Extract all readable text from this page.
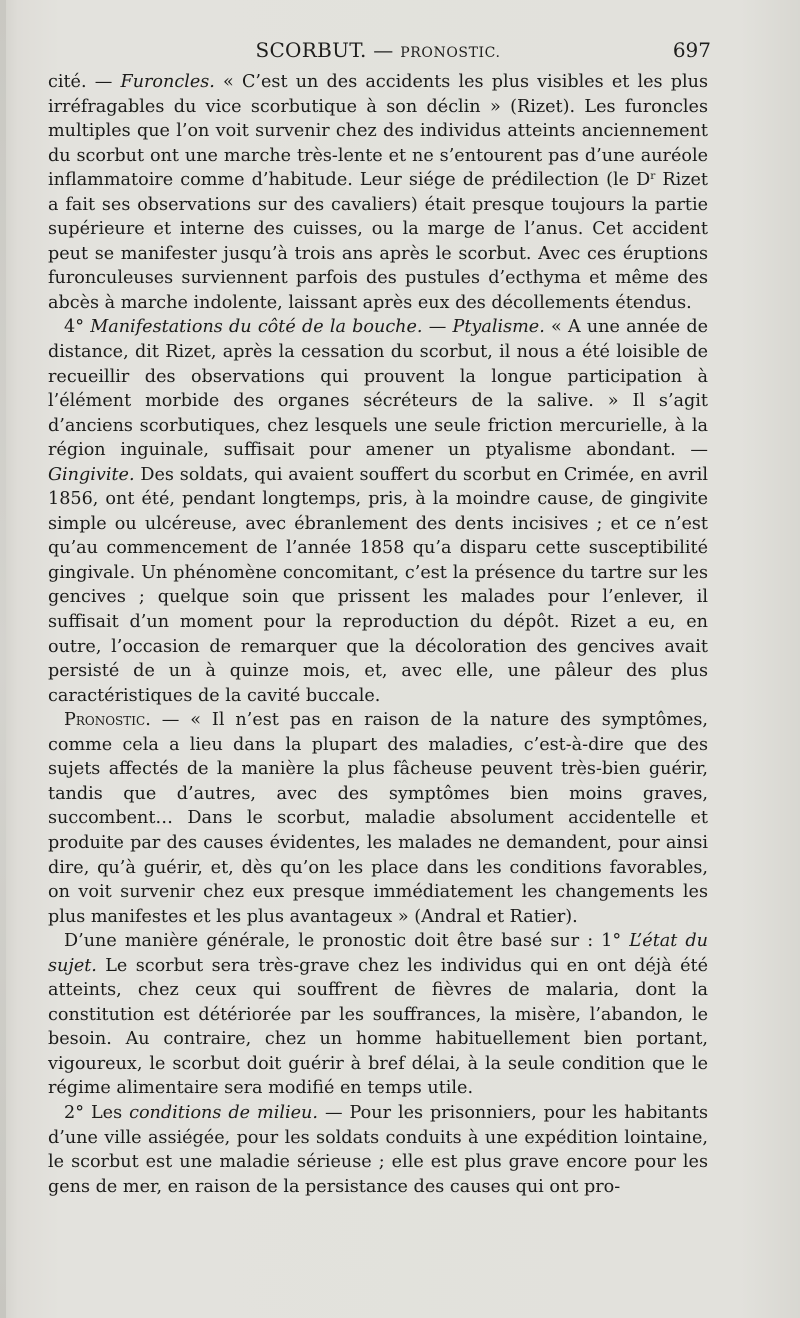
SCORBUT. — PRONOSTIC.	697

cité. — Furoncles. « C’est un des accidents les plus visibles et les plus irréfragables du vice scorbutique à son déclin » (Rizet). Les furoncles multiples que l’on voit survenir chez des individus atteints anciennement du scorbut ont une marche très-lente et ne s’entourent pas d’une auréole inflammatoire comme d’habitude. Leur siége de prédilection (le $D^r$ Rizet a fait ses observations sur des cavaliers) était presque toujours la partie supérieure et interne des cuisses, ou la marge de l’anus. Cet accident peut se manifester jusqu’à trois ans après le scorbut. Avec ces éruptions furonculeuses surviennent parfois des pustules d’ecthyma et même des abcès à marche indolente, laissant après eux des décollements étendus.

4° Manifestations du côté de la bouche. — Ptyalisme. « A une année de distance, dit Rizet, après la cessation du scorbut, il nous a été loisible de recueillir des observations qui prouvent la longue participation à l’élément morbide des organes sécréteurs de la salive. » Il s’agit d’anciens scorbutiques, chez lesquels une seule friction mercurielle, à la région inguinale, suffisait pour amener un ptyalisme abondant. — Gingivite. Des soldats, qui avaient souffert du scorbut en Crimée, en avril 1856, ont été, pendant longtemps, pris, à la moindre cause, de gingivite simple ou ulcéreuse, avec ébranlement des dents incisives ; et ce n’est qu’au commencement de l’année 1858 qu’a disparu cette susceptibilité gingivale. Un phénomène concomitant, c’est la présence du tartre sur les gencives ; quelque soin que prissent les malades pour l’enlever, il suffisait d’un moment pour la reproduction du dépôt. Rizet a eu, en outre, l’occasion de remarquer que la décoloration des gencives avait persisté de un à quinze mois, et, avec elle, une pâleur des plus caractéristiques de la cavité buccale.

Pronostic. — « Il n’est pas en raison de la nature des symptômes, comme cela a lieu dans la plupart des maladies, c’est-à-dire que des sujets affectés de la manière la plus fâcheuse peuvent très-bien guérir, tandis que d’autres, avec des symptômes bien moins graves, succombent… Dans le scorbut, maladie absolument accidentelle et produite par des causes évidentes, les malades ne demandent, pour ainsi dire, qu’à guérir, et, dès qu’on les place dans les conditions favorables, on voit survenir chez eux presque immédiatement les changements les plus manifestes et les plus avantageux » (Andral et Ratier).

D’une manière générale, le pronostic doit être basé sur : 1° L’état du sujet. Le scorbut sera très-grave chez les individus qui en ont déjà été atteints, chez ceux qui souffrent de fièvres de malaria, dont la constitution est détériorée par les souffrances, la misère, l’abandon, le besoin. Au contraire, chez un homme habituellement bien portant, vigoureux, le scorbut doit guérir à bref délai, à la seule condition que le régime alimentaire sera modifié en temps utile.

2° Les conditions de milieu. — Pour les prisonniers, pour les habitants d’une ville assiégée, pour les soldats conduits à une expédition lointaine, le scorbut est une maladie sérieuse ; elle est plus grave encore pour les gens de mer, en raison de la persistance des causes qui ont pro-
